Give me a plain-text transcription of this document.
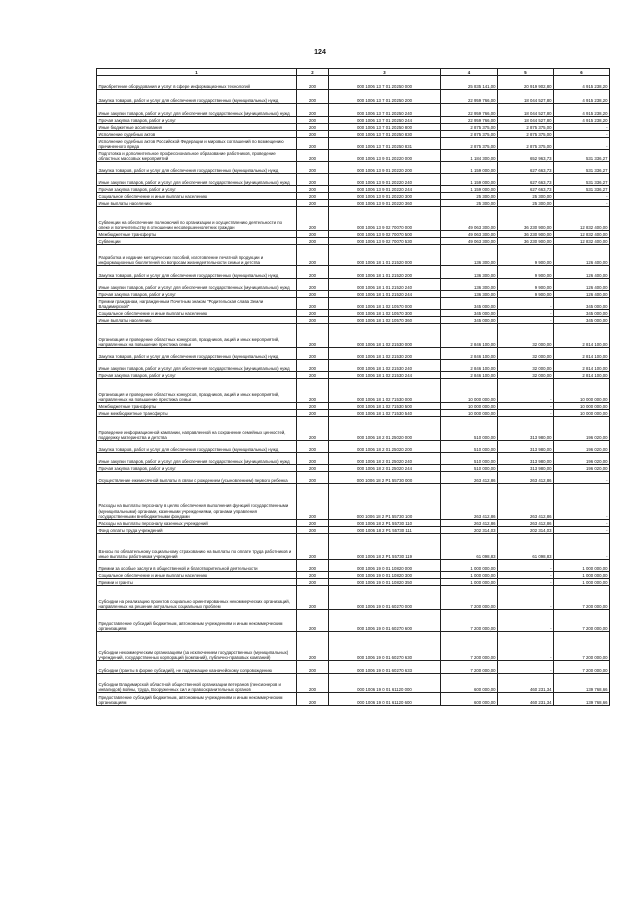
124
1	2	3	4	5	6
Приобретение оборудования и услуг в сфере информационных технологий	200	000 1006 13 7 01 20250 000	25 835 141,00	20 919 902,80	4 915 238,20
Закупка товаров, работ и услуг для обеспечения государственных (муниципальных) нужд	200	000 1006 13 7 01 20250 200	22 959 766,00	18 044 527,80	4 915 238,20
Иные закупки товаров, работ и услуг для обеспечения государственных (муниципальных) нужд	200	000 1006 13 7 01 20250 240	22 959 766,00	18 044 527,80	4 915 238,20
Прочая закупка товаров, работ и услуг	200	000 1006 13 7 01 20250 244	22 959 766,00	18 044 527,80	4 915 238,20
Иные бюджетные ассигнования	200	000 1006 13 7 01 20250 800	2 875 375,00	2 875 375,00	-
Исполнение судебных актов	200	000 1006 13 7 01 20250 830	2 875 375,00	2 875 375,00	-
Исполнение судебных актов Российской Федерации и мировых соглашений по возмещению причиненного вреда	200	000 1006 13 7 01 20250 831	2 875 375,00	2 875 375,00	-
Подготовка и дополнительное профессиональное образование работников, проведение областных массовых мероприятий	200	000 1006 13 9 01 20220 000	1 184 300,00	652 963,73	531 336,27
Закупка товаров, работ и услуг для обеспечения государственных (муниципальных) нужд	200	000 1006 13 9 01 20220 200	1 159 000,00	627 663,73	531 336,27
Иные закупки товаров, работ и услуг для обеспечения государственных (муниципальных) нужд	200	000 1006 13 9 01 20220 240	1 159 000,00	627 663,73	531 336,27
Прочая закупка товаров, работ и услуг	200	000 1006 13 9 01 20220 244	1 159 000,00	627 663,73	531 336,27
Социальное обеспечение и иные выплаты населению	200	000 1006 13 9 01 20220 300	25 300,00	25 300,00	-
Иные выплаты населению	200	000 1006 13 9 01 20220 360	25 300,00	25 300,00	-
Субвенции на обеспечение полномочий по организации и осуществлению деятельности по опеке и попечительству в отношении несовершеннолетних граждан	200	000 1006 13 9 02 70070 000	49 063 300,00	36 230 900,00	12 832 400,00
Межбюджетные трансферты	200	000 1006 13 9 02 70070 500	49 063 300,00	36 230 900,00	12 832 400,00
Субвенции	200	000 1006 13 9 02 70070 530	49 063 300,00	36 230 900,00	12 832 400,00
Разработка и издание методических пособий, изготовление печатной продукции и информационных бюллетеней по вопросам жизнедеятельности семьи и детства	200	000 1006 18 1 01 21520 000	136 300,00	9 900,00	126 400,00
Закупка товаров, работ и услуг для обеспечения государственных (муниципальных) нужд	200	000 1006 18 1 01 21520 200	136 300,00	9 900,00	126 400,00
Иные закупки товаров, работ и услуг для обеспечения государственных (муниципальных) нужд	200	000 1006 18 1 01 21520 240	136 300,00	9 900,00	126 400,00
Прочая закупка товаров, работ и услуг	200	000 1006 18 1 01 21520 244	136 300,00	9 900,00	126 400,00
Премии гражданам, награжденным Почетным знаком "Родительская слава Земли Владимирской"	200	000 1006 18 1 02 10570 000	345 000,00	-	345 000,00
Социальное обеспечение и иные выплаты населению	200	000 1006 18 1 02 10570 300	345 000,00	-	345 000,00
Иные выплаты населению	200	000 1006 18 1 02 10570 360	345 000,00	-	345 000,00
Организация и проведение областных конкурсов, праздников, акций и иных мероприятий, направленных на повышение престижа семьи	200	000 1006 18 1 02 21530 000	2 846 100,00	32 000,00	2 814 100,00
Закупка товаров, работ и услуг для обеспечения государственных (муниципальных) нужд	200	000 1006 18 1 02 21530 200	2 846 100,00	32 000,00	2 814 100,00
Иные закупки товаров, работ и услуг для обеспечения государственных (муниципальных) нужд	200	000 1006 18 1 02 21530 240	2 846 100,00	32 000,00	2 814 100,00
Прочая закупка товаров, работ и услуг	200	000 1006 18 1 02 21530 244	2 846 100,00	32 000,00	2 814 100,00
Организация и проведение областных конкурсов, праздников, акций и иных мероприятий, направленных на повышение престижа семьи	200	000 1006 18 1 02 71530 000	10 000 000,00	-	10 000 000,00
Межбюджетные трансферты	200	000 1006 18 1 02 71530 500	10 000 000,00	-	10 000 000,00
Иные межбюджетные трансферты	200	000 1006 18 1 02 71530 540	10 000 000,00	-	10 000 000,00
Проведение информационной кампании, направленной на сохранение семейных ценностей, поддержку материнства и детства	200	000 1006 18 2 01 25020 000	510 000,00	313 980,00	196 020,00
Закупка товаров, работ и услуг для обеспечения государственных (муниципальных) нужд	200	000 1006 18 2 01 25020 200	510 000,00	313 980,00	196 020,00
Иные закупки товаров, работ и услуг для обеспечения государственных (муниципальных) нужд	200	000 1006 18 2 01 25020 240	510 000,00	313 980,00	196 020,00
Прочая закупка товаров, работ и услуг	200	000 1006 18 2 01 25020 244	510 000,00	313 980,00	196 020,00
Осуществление ежемесячной выплаты в связи с рождением (усыновлением) первого ребенка	200	000 1006 18 2 P1 55730 000	263 412,86	263 412,86	-
Расходы на выплаты персоналу в целях обеспечения выполнения функций государственными (муниципальными) органами, казенными учреждениями, органами управления государственными внебюджетными фондами	200	000 1006 18 2 P1 55730 100	263 412,86	263 412,86	-
Расходы на выплаты персоналу казенных учреждений	200	000 1006 18 2 P1 55730 110	263 412,86	263 412,86	-
Фонд оплаты труда учреждений	200	000 1006 18 2 P1 55730 111	202 314,03	202 314,03	-
Взносы по обязательному социальному страхованию на выплаты по оплате труда работников и иные выплаты работникам учреждений	200	000 1006 18 2 P1 55730 119	61 098,83	61 098,83	-
Премии за особые заслуги в общественной и благотворительной деятельности	200	000 1006 19 0 01 10820 000	1 000 000,00	-	1 000 000,00
Социальное обеспечение и иные выплаты населению	200	000 1006 19 0 01 10820 300	1 000 000,00	-	1 000 000,00
Премии и гранты	200	000 1006 19 0 01 10820 350	1 000 000,00	-	1 000 000,00
Субсидии на реализацию проектов социально ориентированных некоммерческих организаций, направленных на решение актуальных социальных проблем	200	000 1006 19 0 01 60270 000	7 200 000,00	-	7 200 000,00
Предоставление субсидий бюджетным, автономным учреждениям и иным некоммерческим организациям	200	000 1006 19 0 01 60270 600	7 200 000,00	-	7 200 000,00
Субсидии некоммерческим организациям (за исключением государственных (муниципальных) учреждений, государственных корпораций (компаний), публично-правовых компаний)	200	000 1006 19 0 01 60270 630	7 200 000,00	-	7 200 000,00
Субсидии (гранты в форме субсидий), не подлежащие казначейскому сопровождению	200	000 1006 19 0 01 60270 633	7 200 000,00	-	7 200 000,00
Субсидии Владимирской областной общественной организации ветеранов (пенсионеров и инвалидов) войны, труда, Вооруженных сил и правоохранительных органов	200	000 1006 19 0 01 61120 000	600 000,00	460 231,34	139 768,66
Предоставление субсидий бюджетным, автономным учреждениям и иным некоммерческим организациям	200	000 1006 19 0 01 61120 600	600 000,00	460 231,34	139 768,66
